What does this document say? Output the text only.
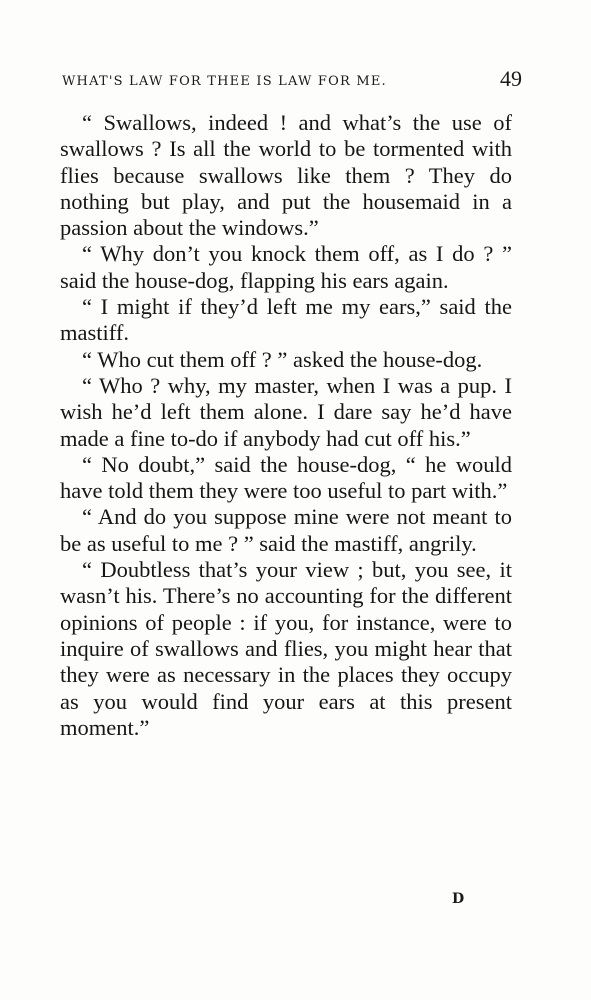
WHAT'S LAW FOR THEE IS LAW FOR ME.	49

“ Swallows, indeed ! and what’s the use of swallows ? Is all the world to be tormented with flies because swallows like them ? They do nothing but play, and put the housemaid in a passion about the windows.”

“ Why don’t you knock them off, as I do ? ” said the house-dog, flapping his ears again.

“ I might if they’d left me my ears,” said the mastiff.

“ Who cut them off ? ” asked the house-dog.

“ Who ? why, my master, when I was a pup. I wish he’d left them alone. I dare say he’d have made a fine to-do if anybody had cut off his.”

“ No doubt,” said the house-dog, “ he would have told them they were too useful to part with.”

“ And do you suppose mine were not meant to be as useful to me ? ” said the mastiff, angrily.

“ Doubtless that’s your view ; but, you see, it wasn’t his. There’s no accounting for the different opinions of people : if you, for instance, were to inquire of swallows and flies, you might hear that they were as necessary in the places they occupy as you would find your ears at this present moment.”

D
